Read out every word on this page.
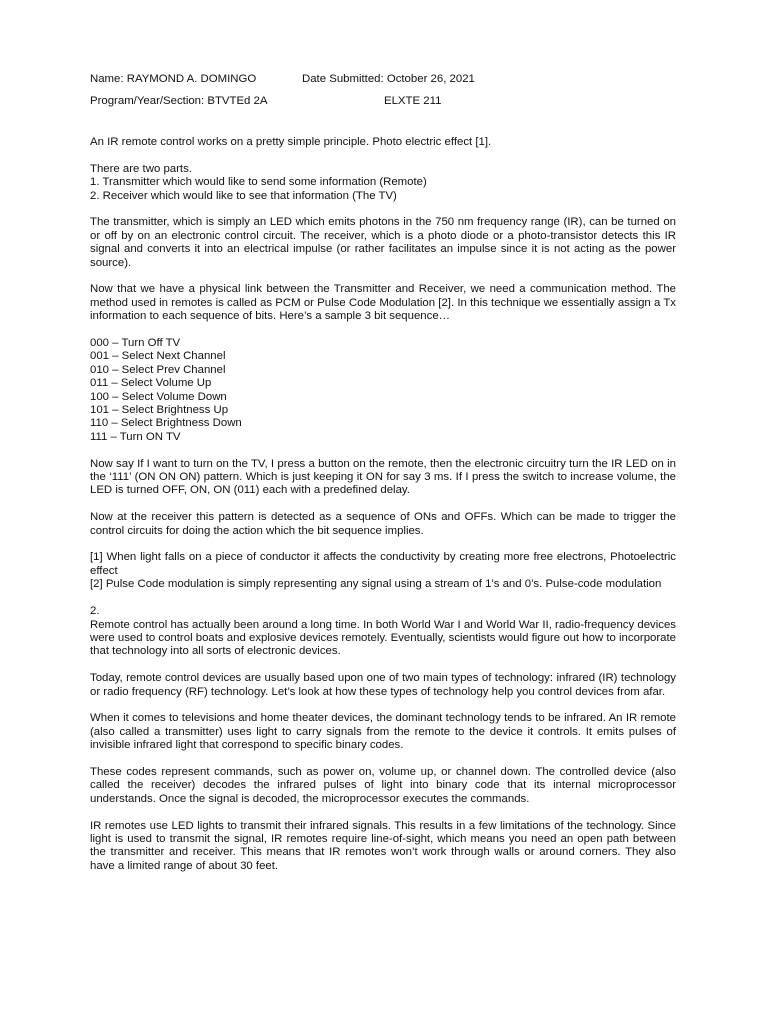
Name: RAYMOND A. DOMINGO	Date Submitted: October 26, 2021
Program/Year/Section: BTVTEd 2A	ELXTE 211

An IR remote control works on a pretty simple principle. Photo electric effect [1].

There are two parts.
1. Transmitter which would like to send some information (Remote)
2. Receiver which would like to see that information (The TV)

The transmitter, which is simply an LED which emits photons in the 750 nm frequency range (IR), can be turned on or off by on an electronic control circuit. The receiver, which is a photo diode or a photo-transistor detects this IR signal and converts it into an electrical impulse (or rather facilitates an impulse since it is not acting as the power source).

Now that we have a physical link between the Transmitter and Receiver, we need a communication method. The method used in remotes is called as PCM or Pulse Code Modulation [2]. In this technique we essentially assign a Tx information to each sequence of bits. Here’s a sample 3 bit sequence…

000 – Turn Off TV
001 – Select Next Channel
010 – Select Prev Channel
011 – Select Volume Up
100 – Select Volume Down
101 – Select Brightness Up
110 – Select Brightness Down
111 – Turn ON TV

Now say If I want to turn on the TV, I press a button on the remote, then the electronic circuitry turn the IR LED on in the ‘111’ (ON ON ON) pattern. Which is just keeping it ON for say 3 ms. If I press the switch to increase volume, the LED is turned OFF, ON, ON (011) each with a predefined delay.

Now at the receiver this pattern is detected as a sequence of ONs and OFFs. Which can be made to trigger the control circuits for doing the action which the bit sequence implies.

[1] When light falls on a piece of conductor it affects the conductivity by creating more free electrons, Photoelectric effect

[2] Pulse Code modulation is simply representing any signal using a stream of 1’s and 0’s. Pulse-code modulation

2.

Remote control has actually been around a long time. In both World War I and World War II, radio-frequency devices were used to control boats and explosive devices remotely. Eventually, scientists would figure out how to incorporate that technology into all sorts of electronic devices.

Today, remote control devices are usually based upon one of two main types of technology: infrared (IR) technology or radio frequency (RF) technology. Let’s look at how these types of technology help you control devices from afar.

When it comes to televisions and home theater devices, the dominant technology tends to be infrared. An IR remote (also called a transmitter) uses light to carry signals from the remote to the device it controls. It emits pulses of invisible infrared light that correspond to specific binary codes.

These codes represent commands, such as power on, volume up, or channel down. The controlled device (also called the receiver) decodes the infrared pulses of light into binary code that its internal microprocessor understands. Once the signal is decoded, the microprocessor executes the commands.

IR remotes use LED lights to transmit their infrared signals. This results in a few limitations of the technology. Since light is used to transmit the signal, IR remotes require line-of-sight, which means you need an open path between the transmitter and receiver. This means that IR remotes won’t work through walls or around corners. They also have a limited range of about 30 feet.
